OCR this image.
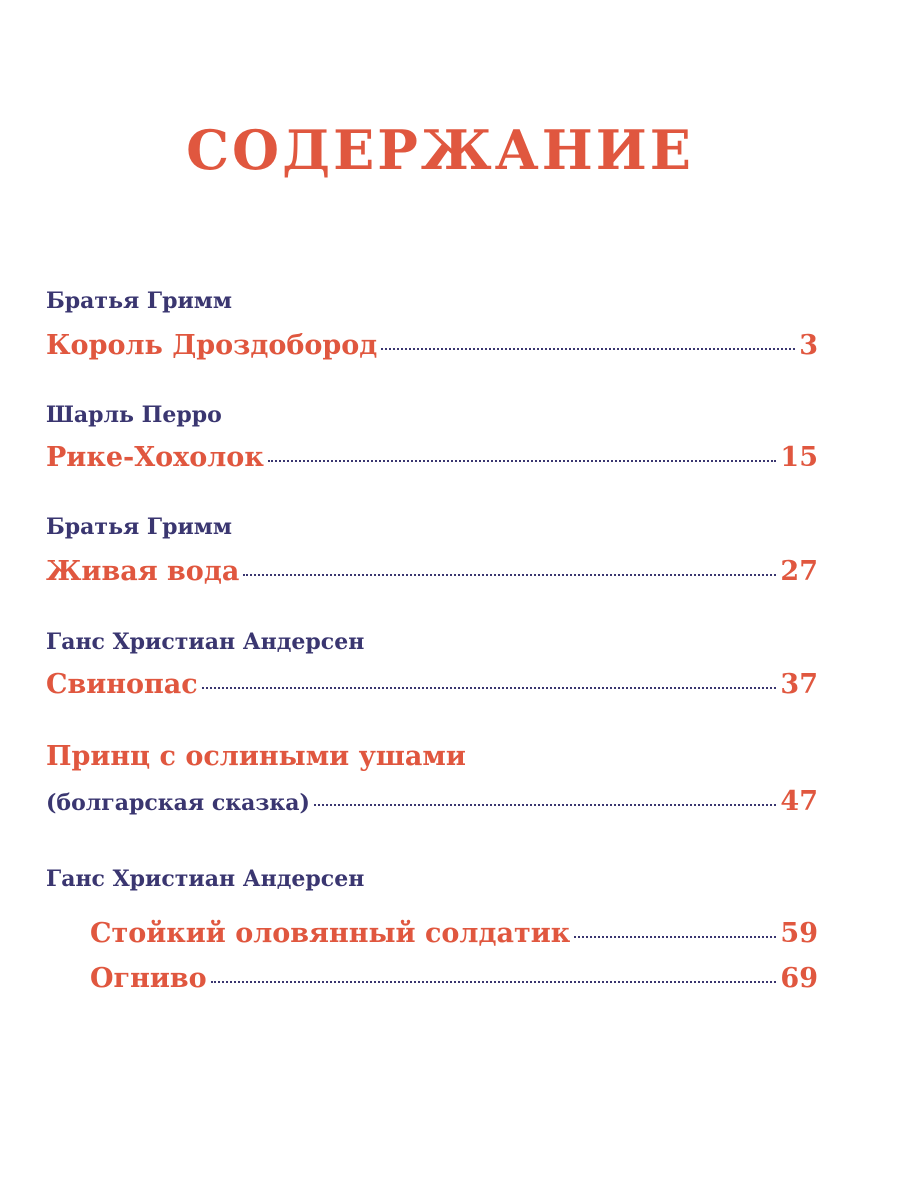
СОДЕРЖАНИЕ
Братья Гримм
Король Дроздобород	3
Шарль Перро
Рике-Хохолок	15
Братья Гримм
Живая вода	27
Ганс Христиан Андерсен
Свинопас	37
Принц с ослиными ушами
(болгарская сказка)	47
Ганс Христиан Андерсен
Стойкий оловянный солдатик	59
Огниво	69
